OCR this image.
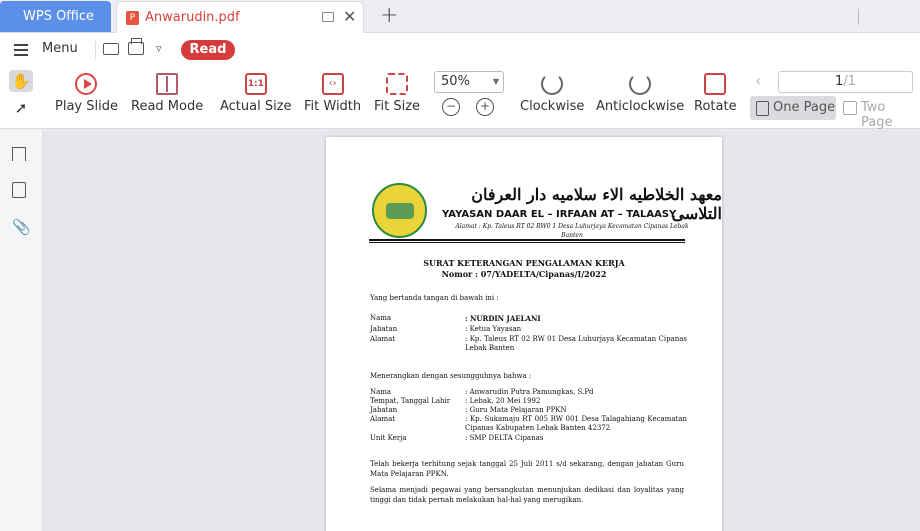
WPS Office	P Anwarudin.pdf	✕ +
Menu	▿	Read
✋
➚	Play Slide Read Mode
1:1
Actual Size
‹›
Fit Width Fit Size
50%	▼
−	+	Clockwise Anticlockwise Rotate
‹	1/1
One Page	Two Page
📎
معهد الخلاطيه الاء سلاميه دار العرفان التلاسى
YAYASAN DAAR EL – IRFAAN AT – TALAASY
Alamat : Kp. Taleus RT 02 RW0 1 Desa Luhurjaya Kecamatan Cipanas Lebak Banten
SURAT KETERANGAN PENGALAMAN KERJA
Nomor : 07/YADELTA/Cipanas/I/2022
Yang bertanda tangan di bawah ini :
Nama	: NURDIN JAELANI
Jabatan	: Ketua Yayasan
Alamat	: Kp. Taleus RT 02 RW 01 Desa Luhurjaya Kecamatan Cipanas Lebak Banten
Menerangkan dengan sesungguhnya bahwa :
Nama	: Anwarudin Putra Pamungkas, S.Pd
Tempat, Tanggal Lahir : Lebak, 20 Mei 1992
Jabatan	: Guru Mata Pelajaran PPKN
Alamat	: Kp. Sukamaju RT 005 RW 001 Desa Talagahiang Kecamatan Cipanas Kabupaten Lebak Banten 42372
Unit Kerja	: SMP DELTA Cipanas
Telah bekerja terhitung sejak tanggal 25 Juli 2011 s/d sekarang, dengan jabatan Guru Mata Pelajaran PPKN.
Selama menjadi pegawai yang bersangkutan menunjukan dedikasi dan loyalitas yang tinggi dan tidak pernah melakukan hal-hal yang merugikan.
